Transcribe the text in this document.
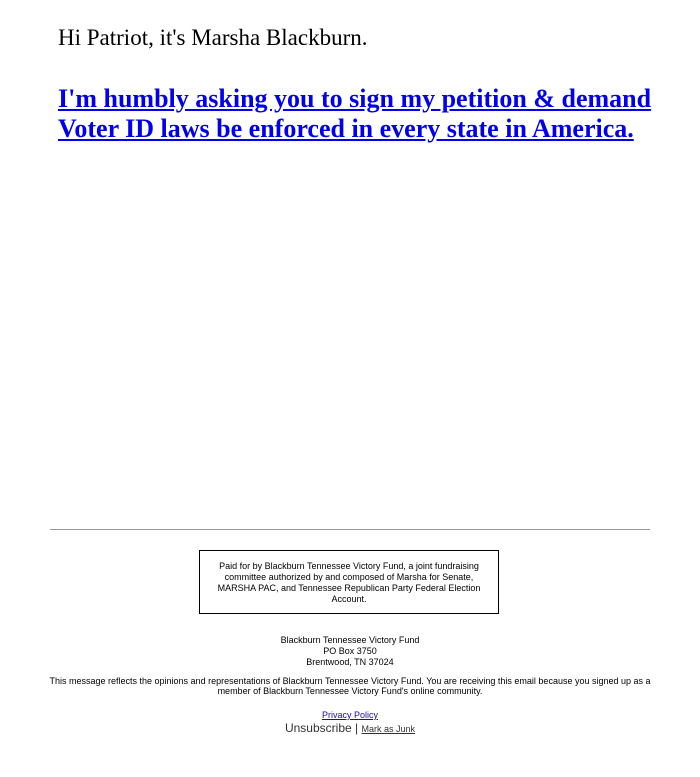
Hi Patriot, it's Marsha Blackburn.

I'm humbly asking you to sign my petition & demand Voter ID laws be enforced in every state in America.

Paid for by Blackburn Tennessee Victory Fund, a joint fundraising committee authorized by and composed of Marsha for Senate, MARSHA PAC, and Tennessee Republican Party Federal Election Account.
Blackburn Tennessee Victory Fund
PO Box 3750
Brentwood, TN 37024
This message reflects the opinions and representations of Blackburn Tennessee Victory Fund. You are receiving this email because you signed up as a member of Blackburn Tennessee Victory Fund's online community.
Privacy Policy
Unsubscribe | Mark as Junk
